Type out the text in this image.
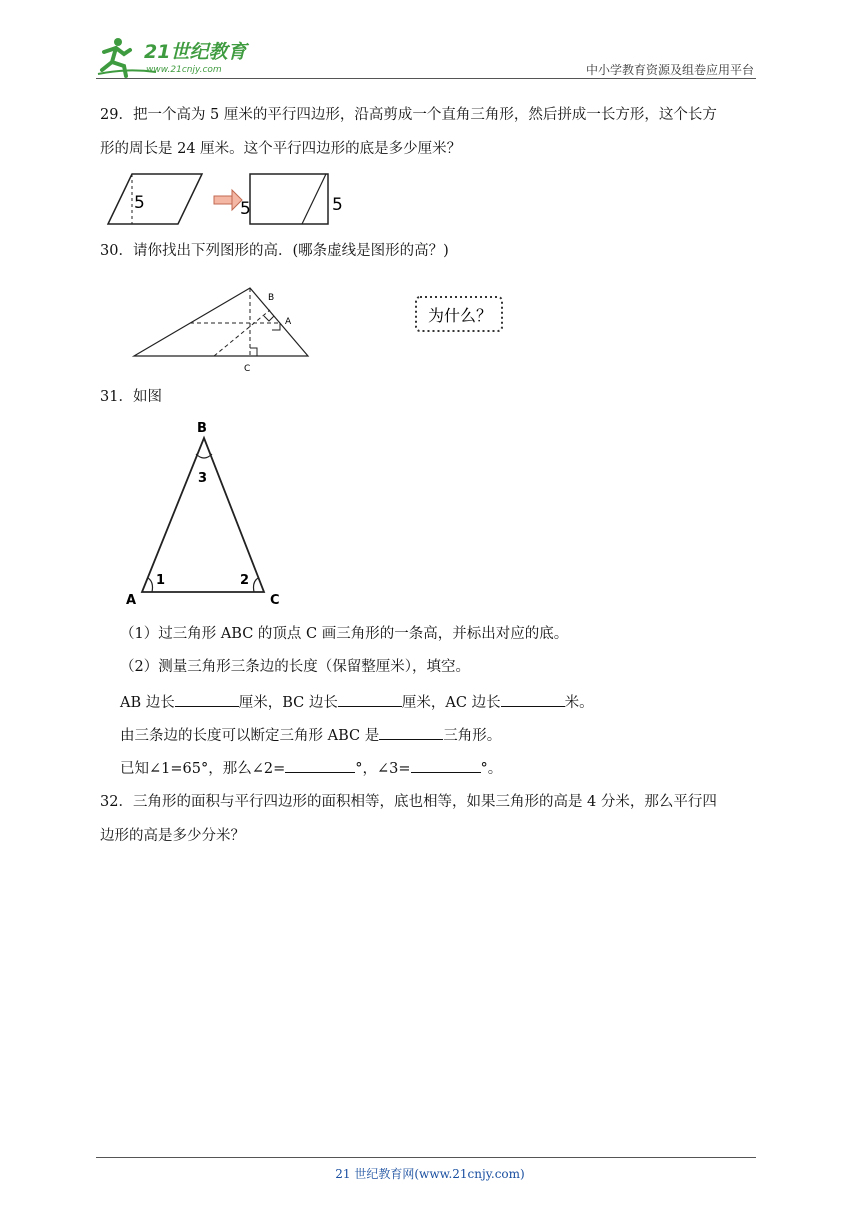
21世纪教育
www.21cnjy.com	中小学教育资源及组卷应用平台
29．把一个高为 5 厘米的平行四边形，沿高剪成一个直角三角形，然后拼成一长方形，这个长方
形的周长是 24 厘米。这个平行四边形的底是多少厘米？
5	5	5
30．请你找出下列图形的高．(哪条虚线是图形的高？)
B
A
C
为什么？
31．如图
B
A	C
3
1	2
（1）过三角形 ABC 的顶点 C 画三角形的一条高，并标出对应的底。
（2）测量三角形三条边的长度（保留整厘米），填空。
AB 边长	厘米，BC 边长	厘米，AC 边长	米。
由三条边的长度可以断定三角形 ABC 是	三角形。
已知∠1=65°，那么∠2=	°，∠3=	°。
32．三角形的面积与平行四边形的面积相等，底也相等，如果三角形的高是 4 分米，那么平行四
边形的高是多少分米？
21 世纪教育网(www.21cnjy.com)
